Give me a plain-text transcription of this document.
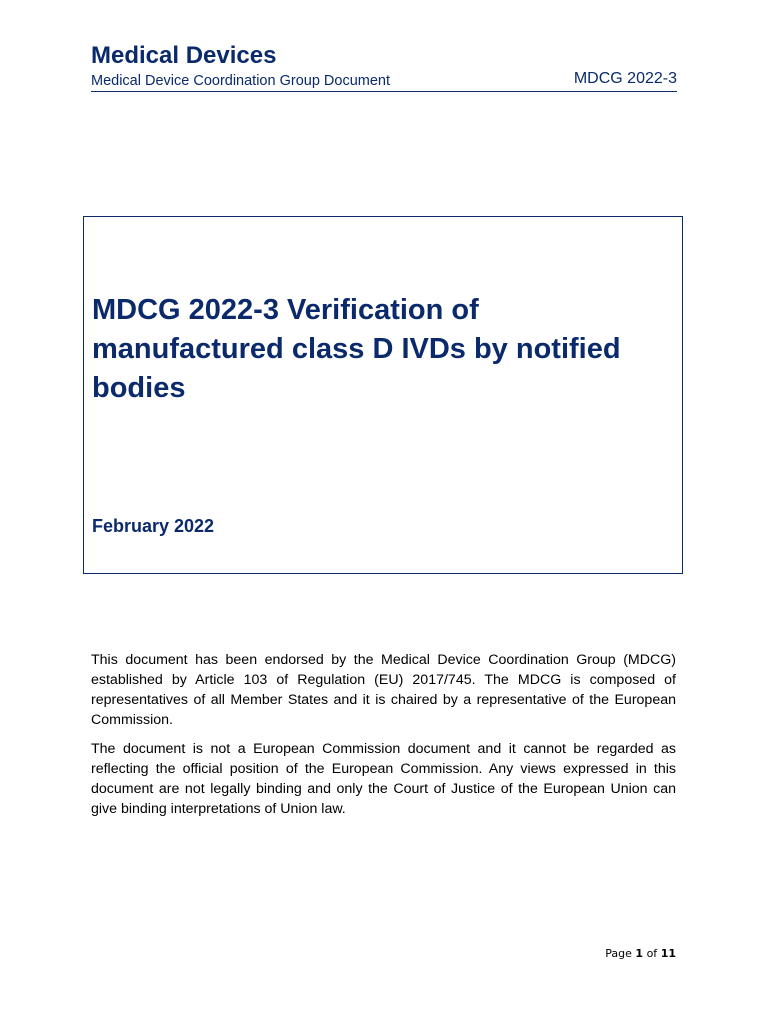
Medical Devices
Medical Device Coordination Group Document	MDCG 2022-3
MDCG 2022-3 Verification of manufactured class D IVDs by notified bodies
February 2022

This document has been endorsed by the Medical Device Coordination Group (MDCG) established by Article 103 of Regulation (EU) 2017/745. The MDCG is composed of representatives of all Member States and it is chaired by a representative of the European Commission.

The document is not a European Commission document and it cannot be regarded as reflecting the official position of the European Commission. Any views expressed in this document are not legally binding and only the Court of Justice of the European Union can give binding interpretations of Union law.

Page 1 of 11
